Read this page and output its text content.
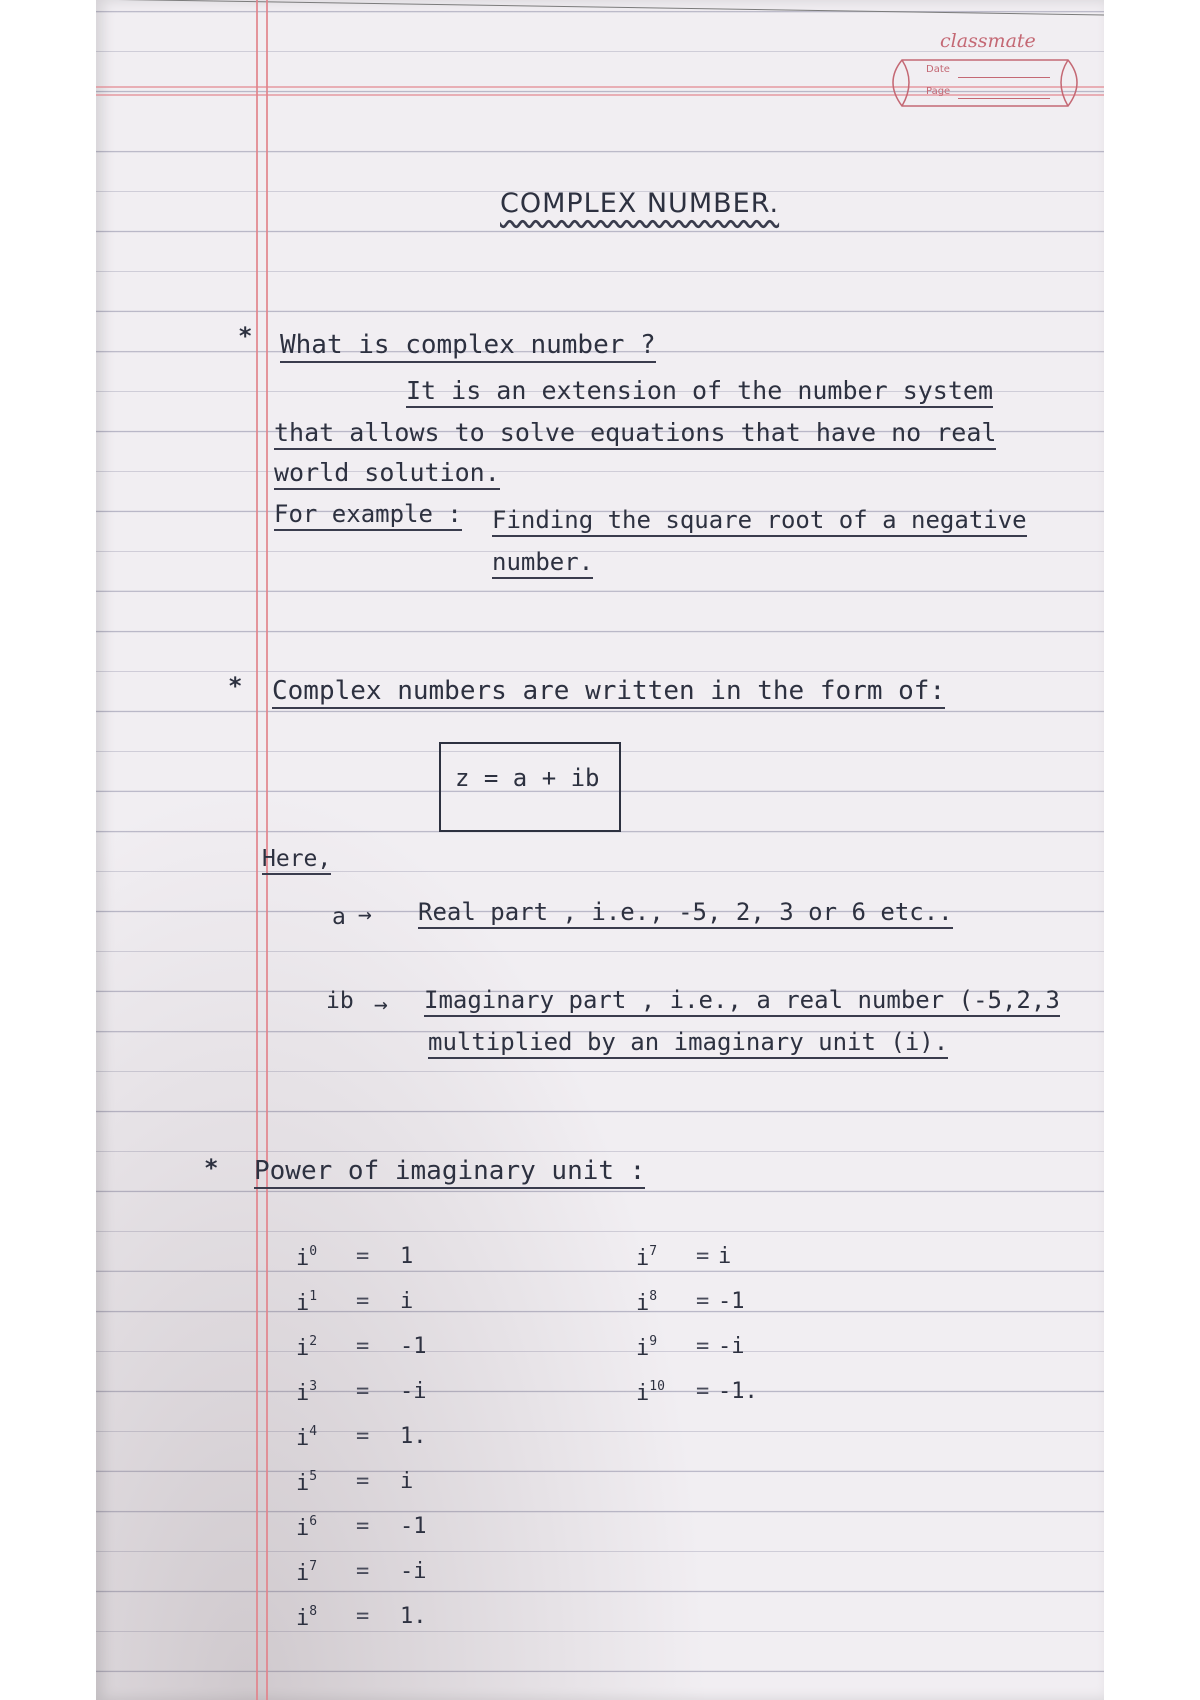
classmate
Date
Page
COMPLEX NUMBER.
* What is complex number ?
It is an extension of the number system
that allows to solve equations that have no real
world solution.
For example : Finding the square root of a negative
number.
* Complex numbers are written in the form of:
z = a + ib
Here,
a → Real part , i.e., -5, 2, 3 or 6 etc..
ib → Imaginary part , i.e., a real number (-5,2,3
multiplied by an imaginary unit (i).
* Power of imaginary unit :
$i^0 = 1$
$i^1 = i$
$i^2 = -1$
$i^3 = -i$
$i^4 = 1$.
$i^5 = i$
$i^6 = -1$
$i^7 = -i$
$i^8 = 1$.
$i^7 = i$
$i^8 = -1$
$i^9 = -i$
$i^{10} = -1$.
